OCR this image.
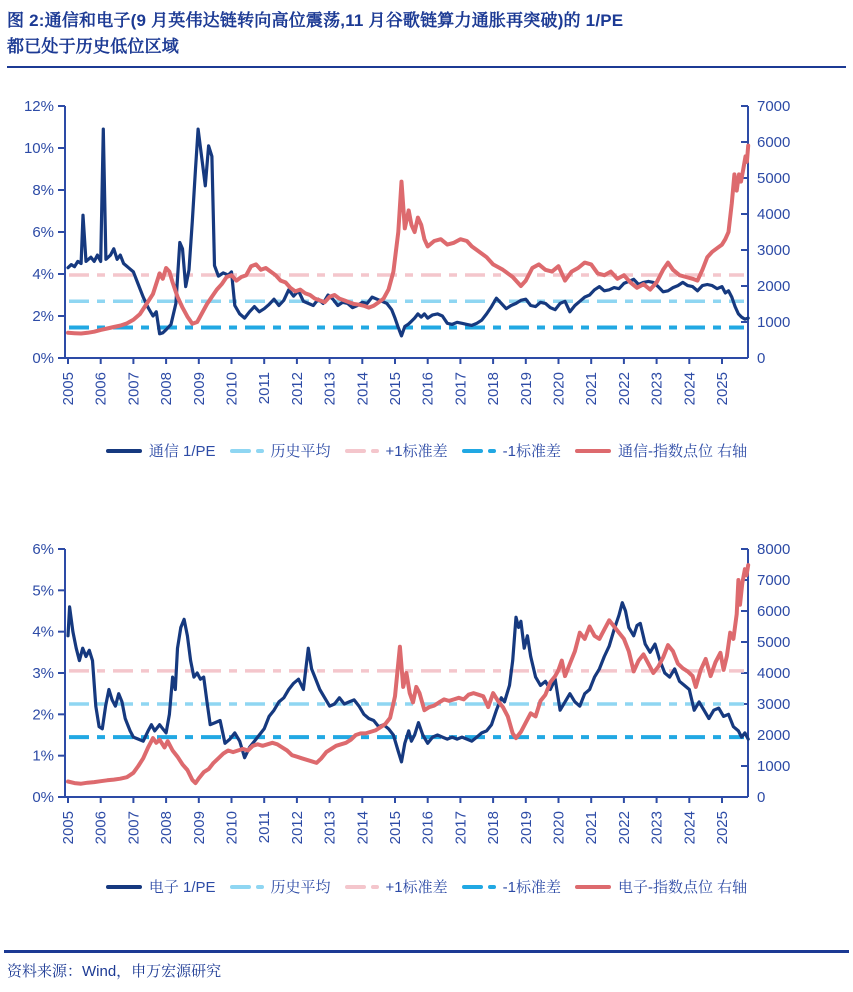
图 2:通信和电子(9 月英伟达链转向高位震荡,11 月谷歌链算力通胀再突破)的 1/PE
都已处于历史低位区域
0%
2%
4%
6%
8%
10%
12%
0
1000
2000
3000
4000
5000
6000
7000
2005 2006 2007 2008 2009 2010 2011 2012 2013 2014 2015 2016 2017 2018 2019 2020 2021 2022 2023 2024 2025
通信 1/PE	历史平均	+1标准差	-1标准差	通信-指数点位 右轴
0%
1%
2%
3%
4%
5%
6%
0
1000
2000
3000
4000
5000
6000
7000
8000
2005 2006 2007 2008 2009 2010 2011 2012 2013 2014 2015 2016 2017 2018 2019 2020 2021 2022 2023 2024 2025
电子 1/PE	历史平均	+1标准差	-1标准差	电子-指数点位 右轴
资料来源：Wind，申万宏源研究
